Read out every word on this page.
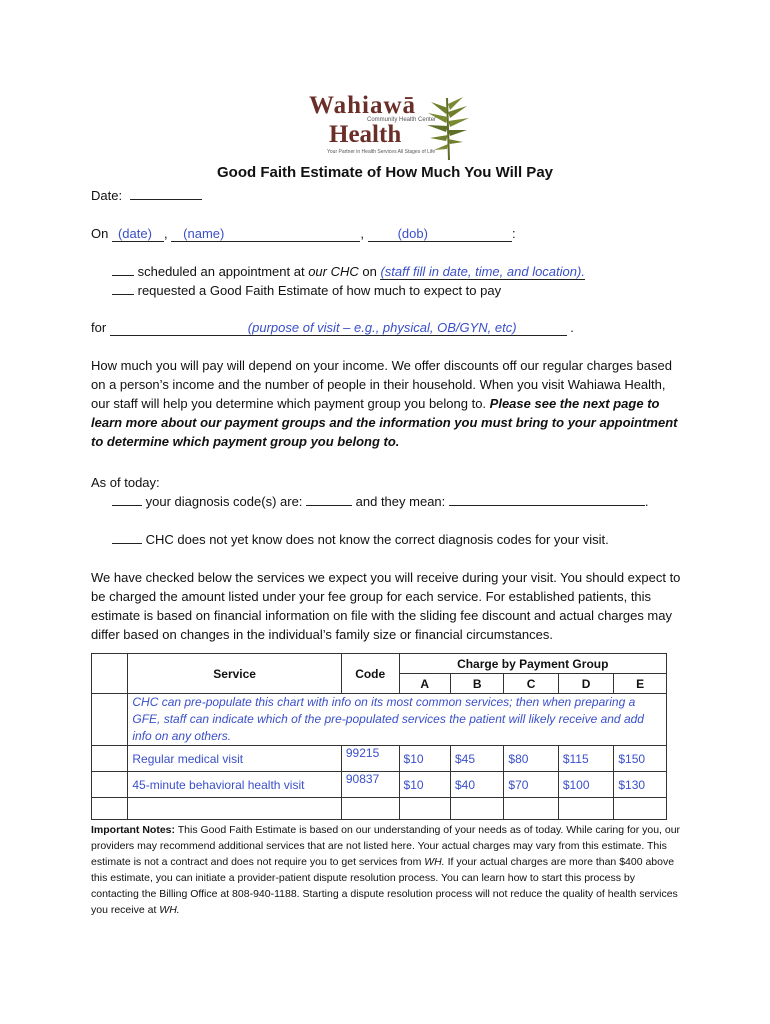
Wahiawā
Community Health Center
Health
Your Partner in Health Services All Stages of Life
Good Faith Estimate of How Much You Will Pay
Date:
On (date) , (name)	, (dob)	:
scheduled an appointment at our CHC on (staff fill in date, time, and location).
requested a Good Faith Estimate of how much to expect to pay
for	(purpose of visit – e.g., physical, OB/GYN, etc)	.
How much you will pay will depend on your income. We offer discounts off our regular charges based on a person’s income and the number of people in their household. When you visit Wahiawa Health, our staff will help you determine which payment group you belong to. Please see the next page to learn more about our payment groups and the information you must bring to your appointment to determine which payment group you belong to.
As of today:
your diagnosis code(s) are:	and they mean:	.
CHC does not yet know does not know the correct diagnosis codes for your visit.
We have checked below the services we expect you will receive during your visit. You should expect to be charged the amount listed under your fee group for each service. For established patients, this estimate is based on financial information on file with the sliding fee discount and actual charges may differ based on changes in the individual’s family size or financial circumstances.
	Service	Code	Charge by Payment Group				
			A	B	C	D	E
	CHC can pre-populate this chart with info on its most common services; then when preparing a GFE, staff can indicate which of the pre-populated services the patient will likely receive and add info on any others.						
	Regular medical visit	99215	$10	$45	$80	$115	$150
	45-minute behavioral health visit	90837	$10	$40	$70	$100	$130

Important Notes: This Good Faith Estimate is based on our understanding of your needs as of today. While caring for you, our providers may recommend additional services that are not listed here. Your actual charges may vary from this estimate. This estimate is not a contract and does not require you to get services from WH. If your actual charges are more than $400 above this estimate, you can initiate a provider-patient dispute resolution process. You can learn how to start this process by contacting the Billing Office at 808-940-1188. Starting a dispute resolution process will not reduce the quality of health services you receive at WH.
